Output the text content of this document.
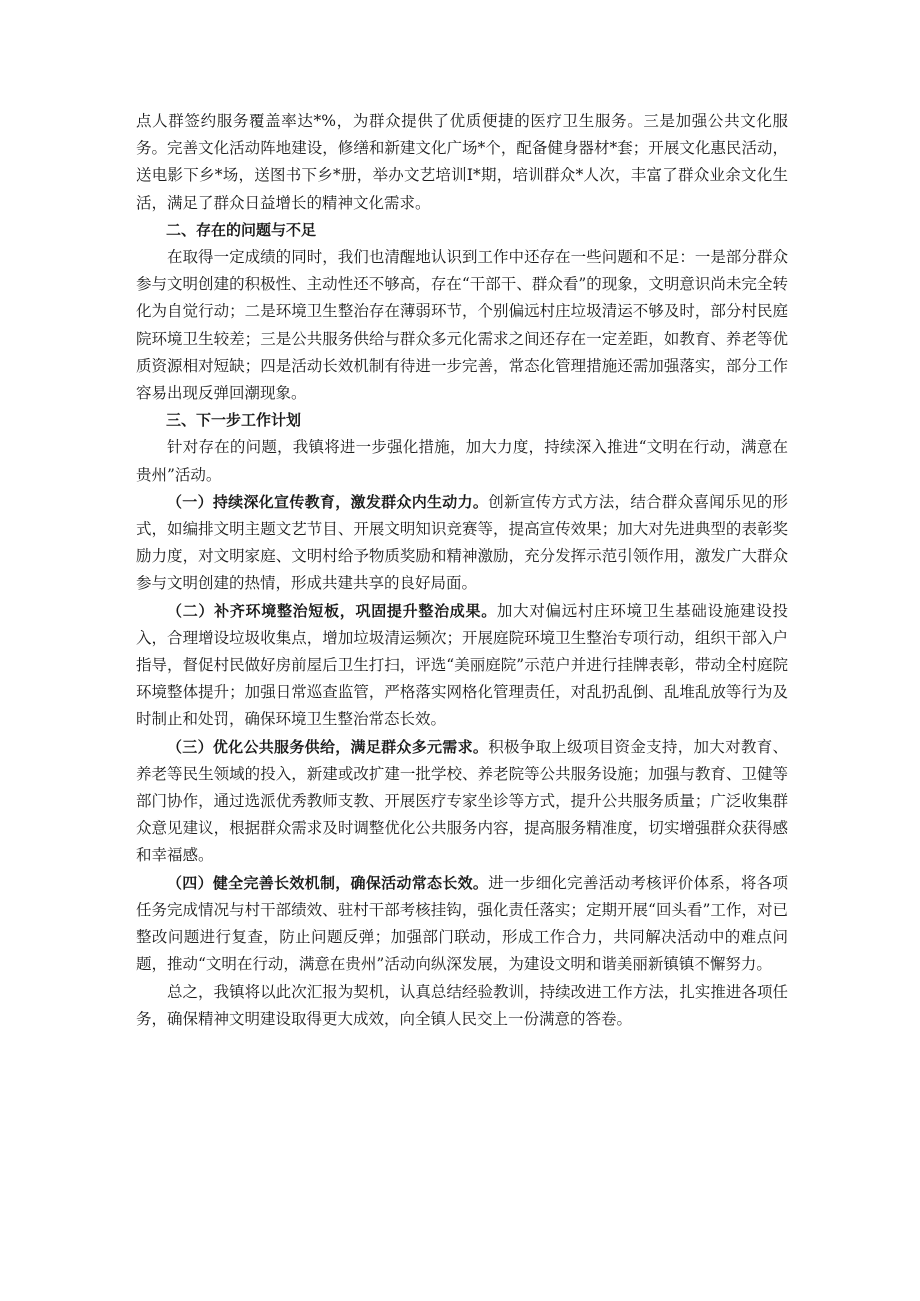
点人群签约服务覆盖率达*%，为群众提供了优质便捷的医疗卫生服务。三是加强公共文化服务。完善文化活动阵地建设，修缮和新建文化广场*个，配备健身器材*套；开展文化惠民活动，送电影下乡*场，送图书下乡*册，举办文艺培训I*期，培训群众*人次，丰富了群众业余文化生活，满足了群众日益增长的精神文化需求。

二、存在的问题与不足

在取得一定成绩的同时，我们也清醒地认识到工作中还存在一些问题和不足：一是部分群众参与文明创建的积极性、主动性还不够高，存在“干部干、群众看”的现象，文明意识尚未完全转化为自觉行动；二是环境卫生整治存在薄弱环节，个别偏远村庄垃圾清运不够及时，部分村民庭院环境卫生较差；三是公共服务供给与群众多元化需求之间还存在一定差距，如教育、养老等优质资源相对短缺；四是活动长效机制有待进一步完善，常态化管理措施还需加强落实，部分工作容易出现反弹回潮现象。

三、下一步工作计划

针对存在的问题，我镇将进一步强化措施，加大力度，持续深入推进“文明在行动，满意在贵州”活动。

（一）持续深化宣传教育，激发群众内生动力。创新宣传方式方法，结合群众喜闻乐见的形式，如编排文明主题文艺节目、开展文明知识竞赛等，提高宣传效果；加大对先进典型的表彰奖励力度，对文明家庭、文明村给予物质奖励和精神激励，充分发挥示范引领作用，激发广大群众参与文明创建的热情，形成共建共享的良好局面。

（二）补齐环境整治短板，巩固提升整治成果。加大对偏远村庄环境卫生基础设施建设投入，合理增设垃圾收集点，增加垃圾清运频次；开展庭院环境卫生整治专项行动，组织干部入户指导，督促村民做好房前屋后卫生打扫，评选“美丽庭院”示范户并进行挂牌表彰，带动全村庭院环境整体提升；加强日常巡查监管，严格落实网格化管理责任，对乱扔乱倒、乱堆乱放等行为及时制止和处罚，确保环境卫生整治常态长效。

（三）优化公共服务供给，满足群众多元需求。积极争取上级项目资金支持，加大对教育、养老等民生领域的投入，新建或改扩建一批学校、养老院等公共服务设施；加强与教育、卫健等部门协作，通过选派优秀教师支教、开展医疗专家坐诊等方式，提升公共服务质量；广泛收集群众意见建议，根据群众需求及时调整优化公共服务内容，提高服务精准度，切实增强群众获得感和幸福感。

（四）健全完善长效机制，确保活动常态长效。进一步细化完善活动考核评价体系，将各项任务完成情况与村干部绩效、驻村干部考核挂钩，强化责任落实；定期开展“回头看”工作，对已整改问题进行复查，防止问题反弹；加强部门联动，形成工作合力，共同解决活动中的难点问题，推动“文明在行动，满意在贵州”活动向纵深发展，为建设文明和谐美丽新镇镇不懈努力。

总之，我镇将以此次汇报为契机，认真总结经验教训，持续改进工作方法，扎实推进各项任务，确保精神文明建设取得更大成效，向全镇人民交上一份满意的答卷。
